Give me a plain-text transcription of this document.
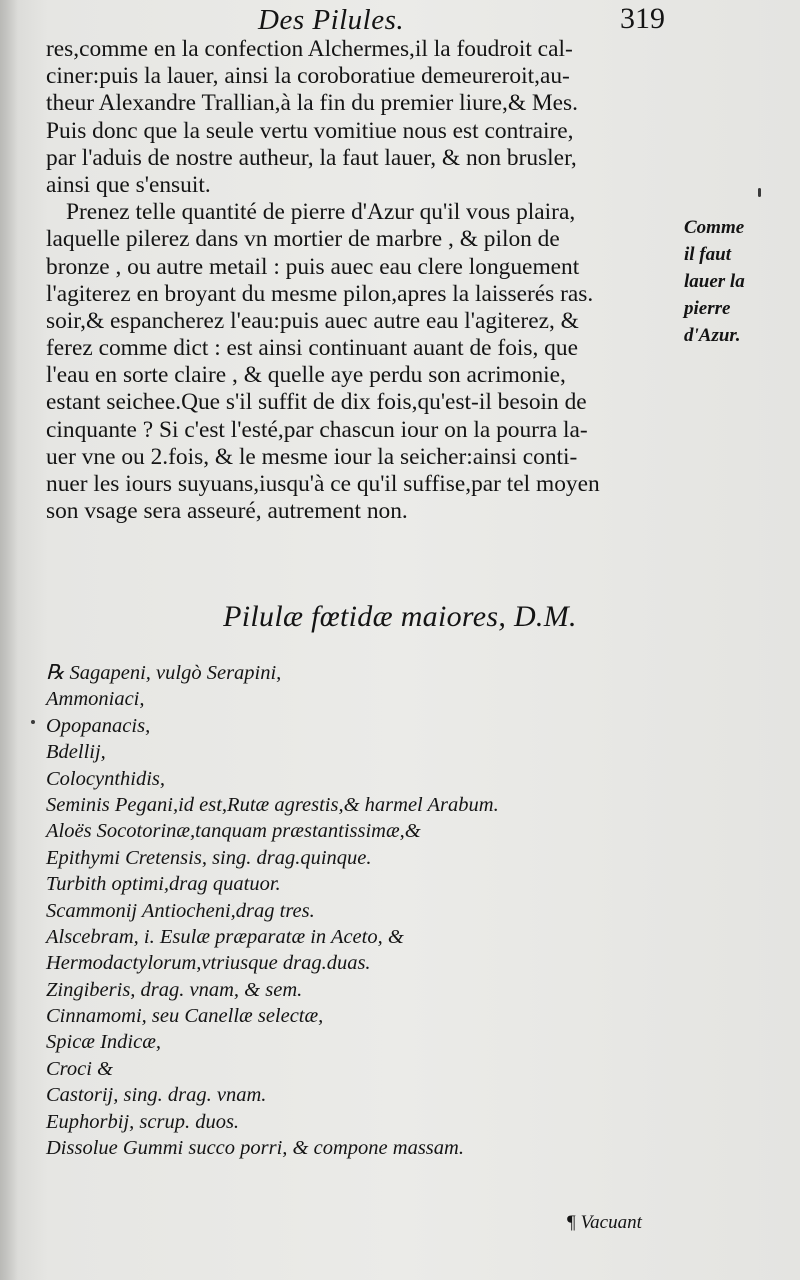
Des Pilules.	319
res,comme en la confection Alchermes,il la foudroit cal-
ciner:puis la lauer, ainsi la coroboratiue demeureroit,au-
theur Alexandre Trallian,à la fin du premier liure,& Mes.
Puis donc que la seule vertu vomitiue nous est contraire,
par l'aduis de nostre autheur, la faut lauer, & non brusler,
ainsi que s'ensuit.
Prenez telle quantité de pierre d'Azur qu'il vous plaira,
laquelle pilerez dans vn mortier de marbre , & pilon de
bronze , ou autre metail : puis auec eau clere longuement
l'agiterez en broyant du mesme pilon,apres la laisserés ras.
soir,& espancherez l'eau:puis auec autre eau l'agiterez, &
ferez comme dict : est ainsi continuant auant de fois, que
l'eau en sorte claire , & quelle aye perdu son acrimonie,
estant seichee.Que s'il suffit de dix fois,qu'est-il besoin de
cinquante ? Si c'est l'esté,par chascun iour on la pourra la-
uer vne ou 2.fois, & le mesme iour la seicher:ainsi conti-
nuer les iours suyuans,iusqu'à ce qu'il suffise,par tel moyen
son vsage sera asseuré, autrement non.
Comme
il faut
lauer la
pierre
d'Azur.
Pilulæ fœtidæ maiores, D.M.
℞ Sagapeni, vulgò Serapini,
Ammoniaci,
Opopanacis,
Bdellij,
Colocynthidis,
Seminis Pegani,id est,Rutæ agrestis,& harmel Arabum.
Aloës Socotorinæ,tanquam præstantissimæ,&
Epithymi Cretensis, sing. drag.quinque.
Turbith optimi,drag quatuor.
Scammonij Antiocheni,drag tres.
Alscebram, i. Esulæ præparatæ in Aceto, &
Hermodactylorum,vtriusque drag.duas.
Zingiberis, drag. vnam, & sem.
Cinnamomi, seu Canellæ selectæ,
Spicæ Indicæ,
Croci &
Castorij, sing. drag. vnam.
Euphorbij, scrup. duos.
Dissolue Gummi succo porri, & compone massam.
¶ Vacuant
